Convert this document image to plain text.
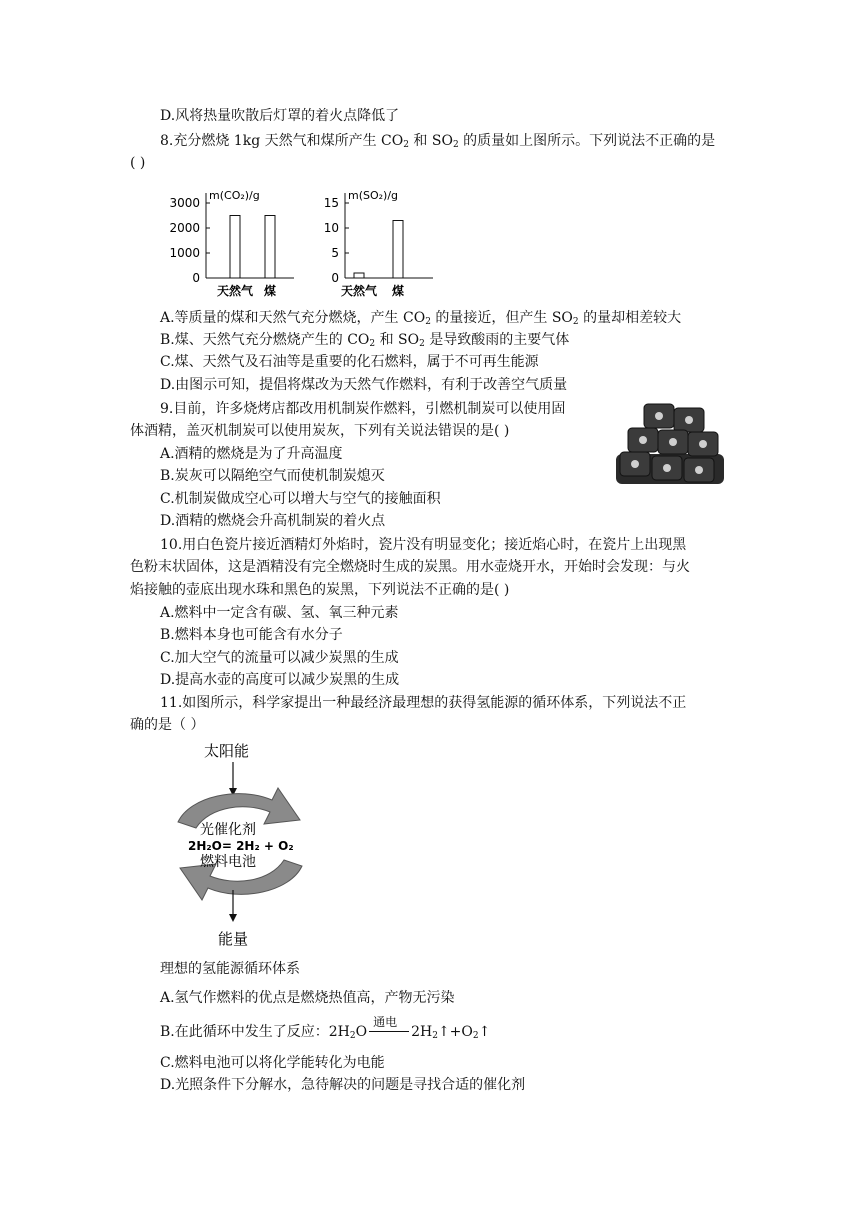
D.风将热量吹散后灯罩的着火点降低了
8.充分燃烧 1kg 天然气和煤所产生 $CO_2$ 和 $SO_2$ 的质量如上图所示。下列说法不正确的是
( )
m(CO₂)/g
3000
2000
1000
0
天然气 煤
m(SO₂)/g
15
10
5
0
天然气 煤
A.等质量的煤和天然气充分燃烧，产生 $CO_2$ 的量接近，但产生 $SO_2$ 的量却相差较大
B.煤、天然气充分燃烧产生的 $CO_2$ 和 $SO_2$ 是导致酸雨的主要气体
C.煤、天然气及石油等是重要的化石燃料，属于不可再生能源
D.由图示可知，提倡将煤改为天然气作燃料，有利于改善空气质量
9.目前，许多烧烤店都改用机制炭作燃料，引燃机制炭可以使用固
体酒精，盖灭机制炭可以使用炭灰，下列有关说法错误的是( )
A.酒精的燃烧是为了升高温度
B.炭灰可以隔绝空气而使机制炭熄灭
C.机制炭做成空心可以增大与空气的接触面积
D.酒精的燃烧会升高机制炭的着火点
10.用白色瓷片接近酒精灯外焰时，瓷片没有明显变化；接近焰心时，在瓷片上出现黑
色粉末状固体，这是酒精没有完全燃烧时生成的炭黑。用水壶烧开水，开始时会发现：与火
焰接触的壶底出现水珠和黑色的炭黑，下列说法不正确的是( )
A.燃料中一定含有碳、氢、氧三种元素
B.燃料本身也可能含有水分子
C.加大空气的流量可以减少炭黑的生成
D.提高水壶的高度可以减少炭黑的生成
11.如图所示，科学家提出一种最经济最理想的获得氢能源的循环体系，下列说法不正
确的是（ ）
太阳能
光催化剂
2H₂O= 2H₂ + O₂
燃料电池
能量
理想的氢能源循环体系
A.氢气作燃料的优点是燃烧热值高，产物无污染
B.在此循环中发生了反应：$2H_2O$
通电
$2H_2↑+O_2↑$
C.燃料电池可以将化学能转化为电能
D.光照条件下分解水，急待解决的问题是寻找合适的催化剂
